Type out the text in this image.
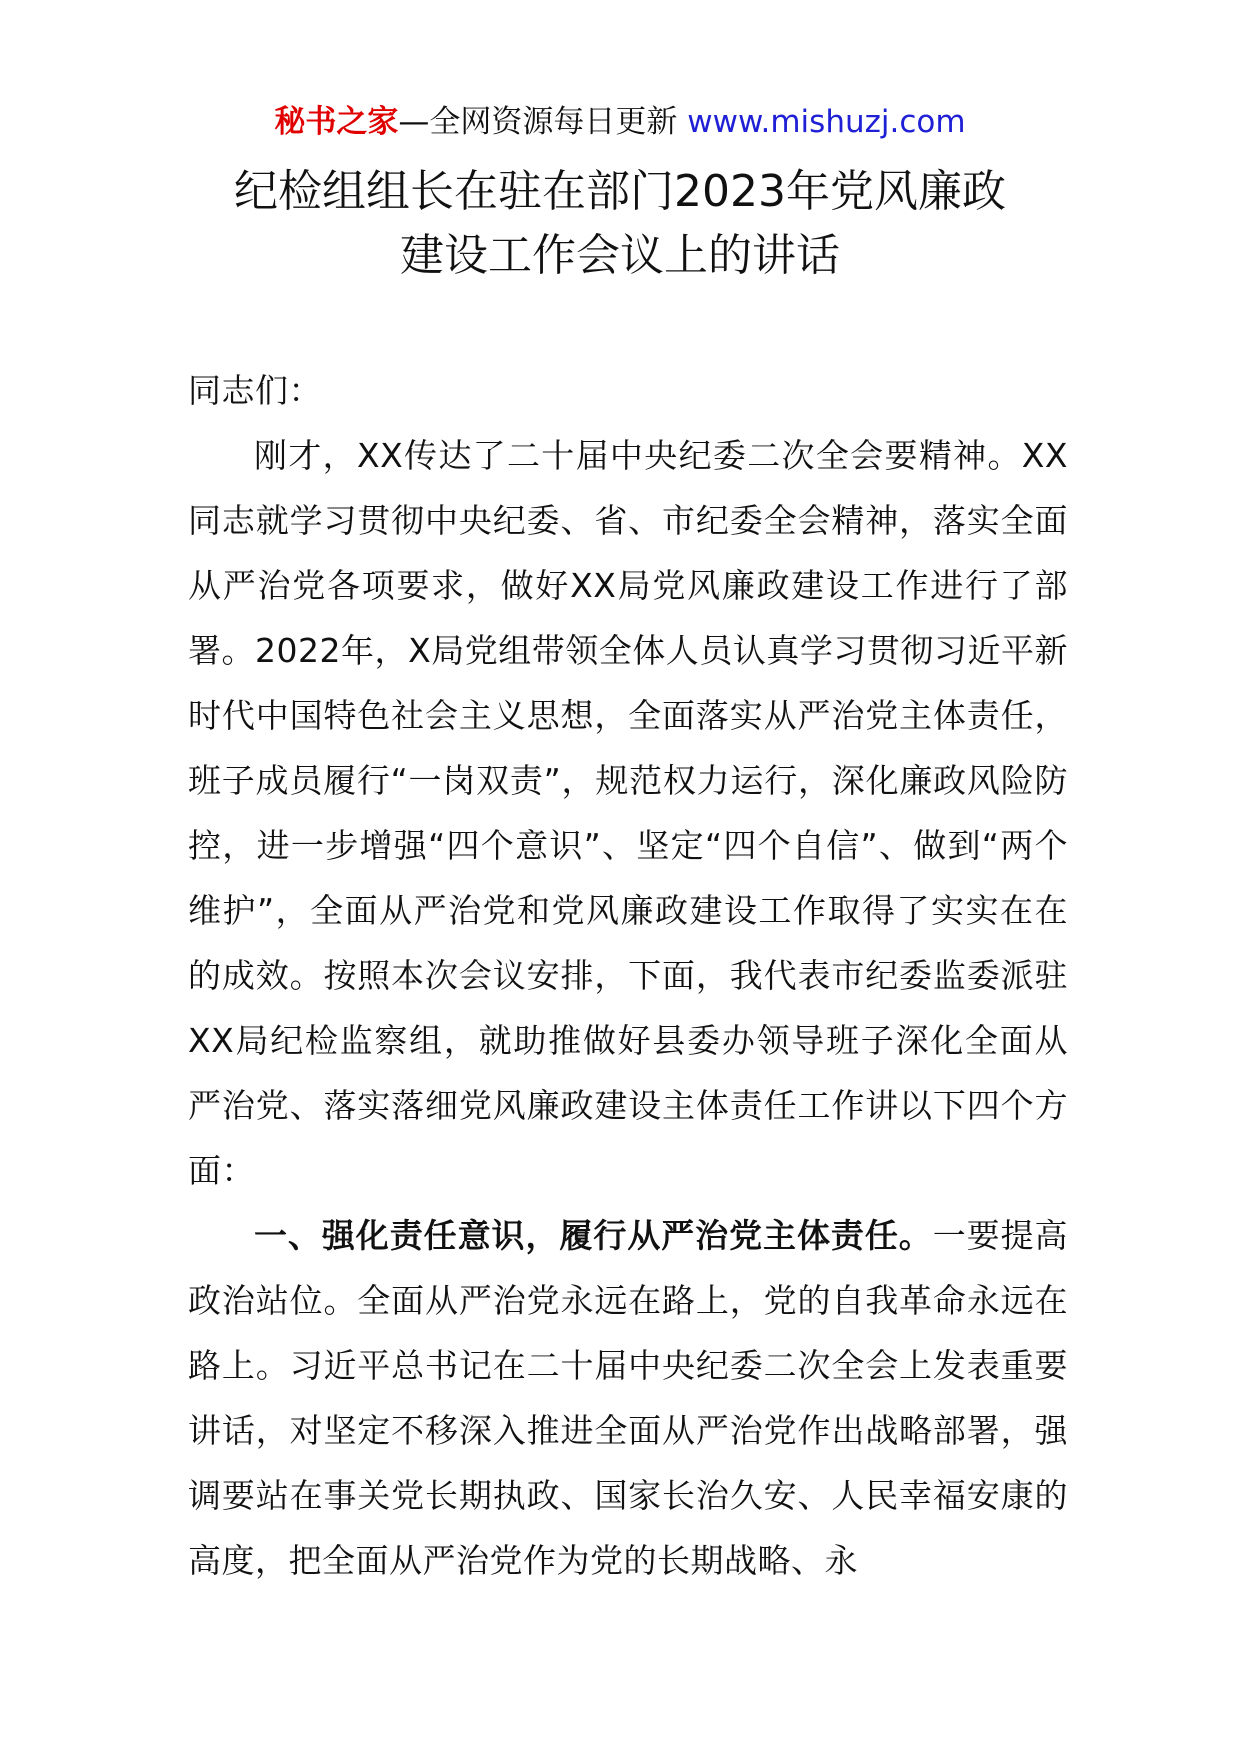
秘书之家—全网资源每日更新 www.mishuzj.com
纪检组组长在驻在部门2023年党风廉政
建设工作会议上的讲话

同志们：

刚才，XX传达了二十届中央纪委二次全会要精神。XX同志就学习贯彻中央纪委、省、市纪委全会精神，落实全面从严治党各项要求，做好XX局党风廉政建设工作进行了部署。2022年，X局党组带领全体人员认真学习贯彻习近平新时代中国特色社会主义思想，全面落实从严治党主体责任，班子成员履行“一岗双责”，规范权力运行，深化廉政风险防控，进一步增强“四个意识”、坚定“四个自信”、做到“两个维护”，全面从严治党和党风廉政建设工作取得了实实在在的成效。按照本次会议安排，下面，我代表市纪委监委派驻XX局纪检监察组，就助推做好县委办领导班子深化全面从严治党、落实落细党风廉政建设主体责任工作讲以下四个方面：

一、强化责任意识，履行从严治党主体责任。一要提高政治站位。全面从严治党永远在路上，党的自我革命永远在路上。习近平总书记在二十届中央纪委二次全会上发表重要讲话，对坚定不移深入推进全面从严治党作出战略部署，强调要站在事关党长期执政、国家长治久安、人民幸福安康的高度，把全面从严治党作为党的长期战略、永
